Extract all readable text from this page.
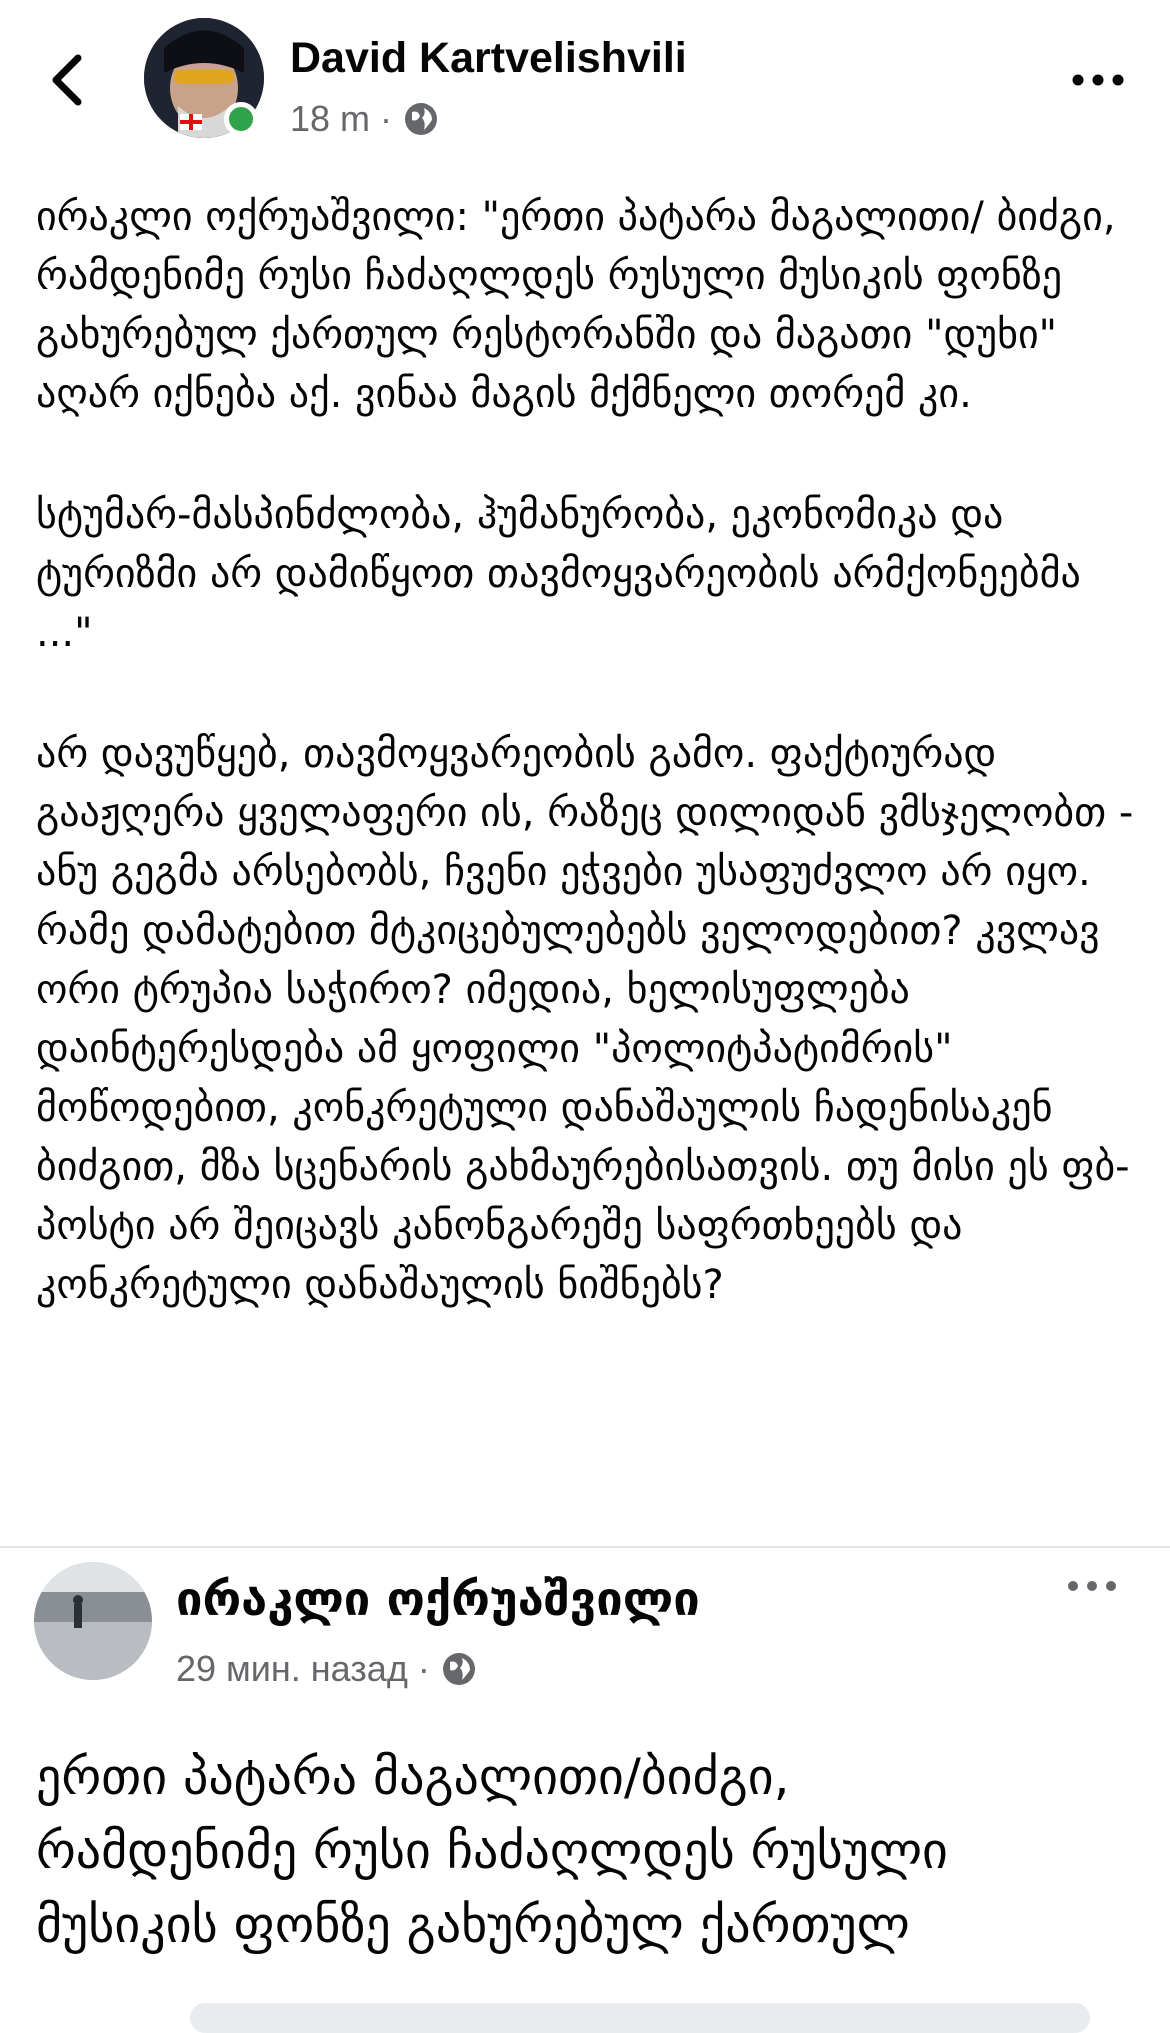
David Kartvelishvili
18 m ·

ირაკლი ოქრუაშვილი: "ერთი პატარა მაგალითი/ ბიძგი, რამდენიმე რუსი ჩაძაღლდეს რუსული მუსიკის ფონზე გახურებულ ქართულ რესტორანში და მაგათი "დუხი" აღარ იქნება აქ. ვინაა მაგის მქმნელი თორემ კი.

სტუმარ-მასპინძლობა, ჰუმანურობა, ეკონომიკა და ტურიზმი არ დამიწყოთ თავმოყვარეობის არმქონეებმა ..."

არ დავუწყებ, თავმოყვარეობის გამო. ფაქტიურად გააჟღერა ყველაფერი ის, რაზეც დილიდან ვმსჯელობთ - ანუ გეგმა არსებობს, ჩვენი ეჭვები უსაფუძვლო არ იყო. რამე დამატებით მტკიცებულებებს ველოდებით? კვლავ ორი ტრუპია საჭირო? იმედია, ხელისუფლება დაინტერესდება ამ ყოფილი "პოლიტპატიმრის" მოწოდებით, კონკრეტული დანაშაულის ჩადენისაკენ ბიძგით, მზა სცენარის გახმაურებისათვის. თუ მისი ეს ფბ-პოსტი არ შეიცავს კანონგარეშე საფრთხეებს და კონკრეტული დანაშაულის ნიშნებს?

ირაკლი ოქრუაშვილი
29 мин. назад ·
ერთი პატარა მაგალითი/ბიძგი,
რამდენიმე რუსი ჩაძაღლდეს რუსული
მუსიკის ფონზე გახურებულ ქართულ
